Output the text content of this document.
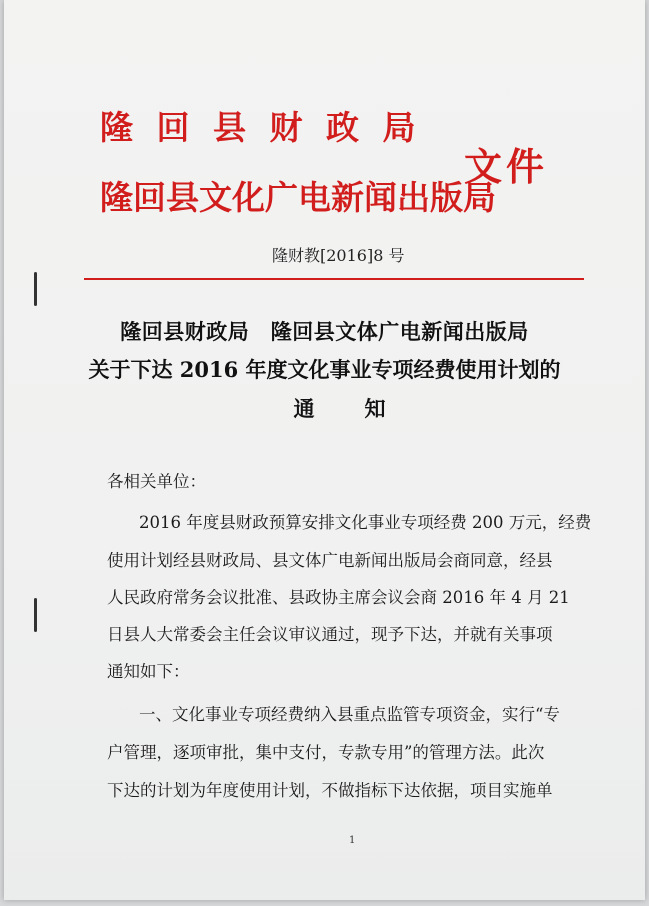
隆 回 县 财 政 局
隆回县文化广电新闻出版局
文件
隆财教[2016]8 号
隆回县财政局　隆回县文体广电新闻出版局
关于下达 2016 年度文化事业专项经费使用计划的
通知
各相关单位：
2016 年度县财政预算安排文化事业专项经费 200 万元，经费
使用计划经县财政局、县文体广电新闻出版局会商同意，经县
人民政府常务会议批准、县政协主席会议会商 2016 年 4 月 21
日县人大常委会主任会议审议通过，现予下达，并就有关事项
通知如下：
一、文化事业专项经费纳入县重点监管专项资金，实行“专
户管理，逐项审批，集中支付，专款专用”的管理方法。此次
下达的计划为年度使用计划，不做指标下达依据，项目实施单
1
